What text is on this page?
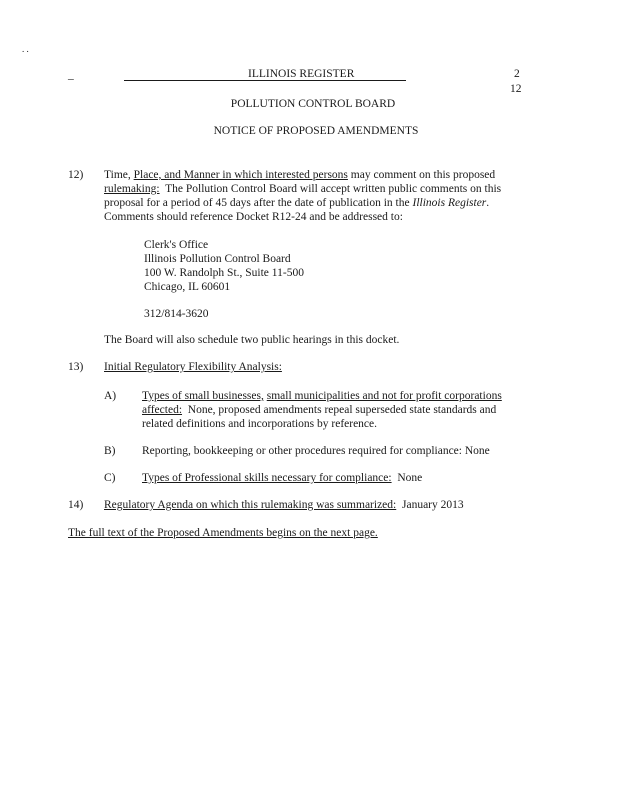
. .
_	ILLINOIS REGISTER	2
12
POLLUTION CONTROL BOARD
NOTICE OF PROPOSED AMENDMENTS
12) Time, Place, and Manner in which interested persons may comment on this proposed
rulemaking: The Pollution Control Board will accept written public comments on this
proposal for a period of 45 days after the date of publication in the Illinois Register.
Comments should reference Docket R12-24 and be addressed to:
Clerk's Office
Illinois Pollution Control Board
100 W. Randolph St., Suite 11-500
Chicago, IL 60601
312/814-3620
The Board will also schedule two public hearings in this docket.
13) Initial Regulatory Flexibility Analysis:
A) Types of small businesses, small municipalities and not for profit corporations
affected: None, proposed amendments repeal superseded state standards and
related definitions and incorporations by reference.
B) Reporting, bookkeeping or other procedures required for compliance: None
C) Types of Professional skills necessary for compliance: None
14) Regulatory Agenda on which this rulemaking was summarized: January 2013
The full text of the Proposed Amendments begins on the next page.
